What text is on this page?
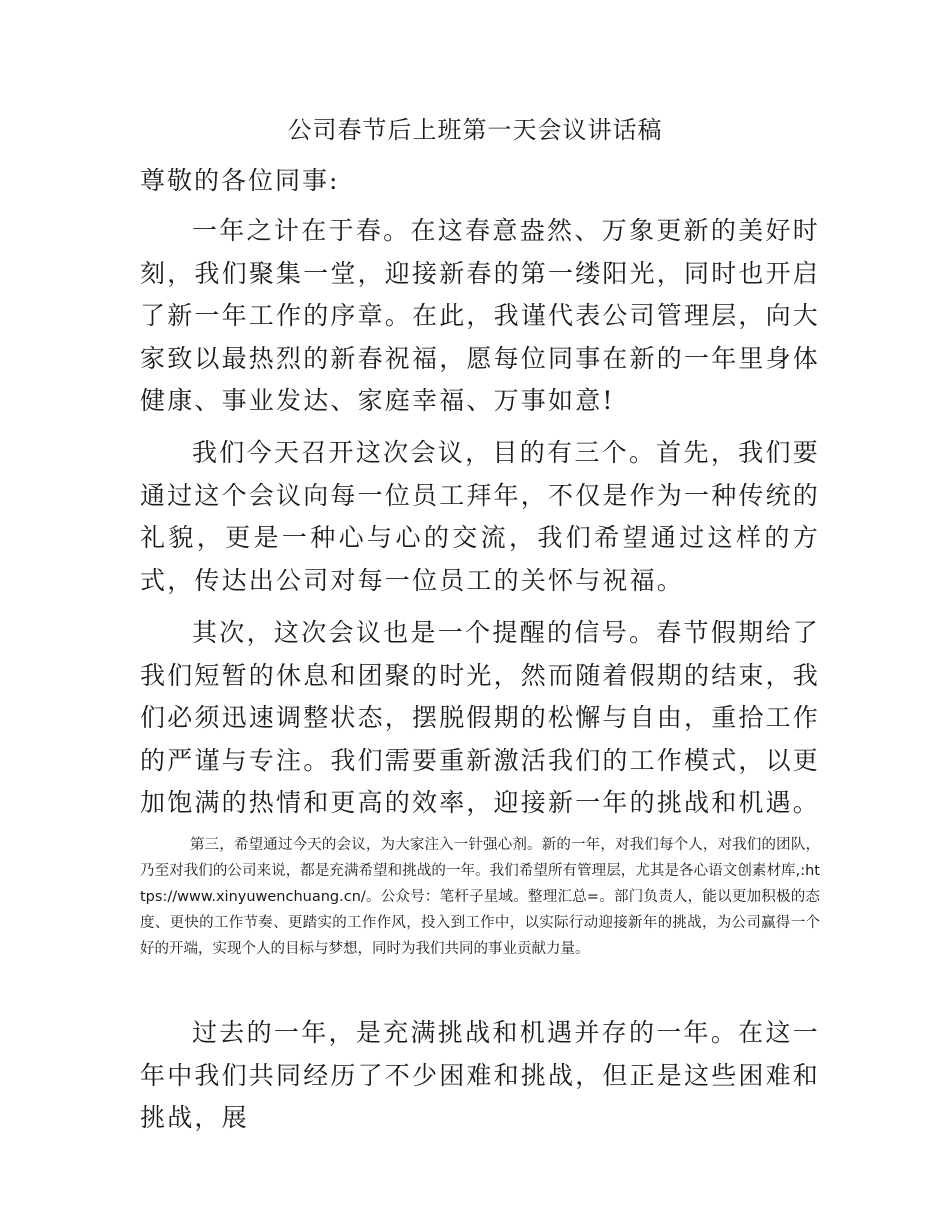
公司春节后上班第一天会议讲话稿

尊敬的各位同事:

一年之计在于春。在这春意盎然、万象更新的美好时刻，我们聚集一堂，迎接新春的第一缕阳光，同时也开启了新一年工作的序章。在此，我谨代表公司管理层，向大家致以最热烈的新春祝福，愿每位同事在新的一年里身体健康、事业发达、家庭幸福、万事如意!

我们今天召开这次会议，目的有三个。首先，我们要通过这个会议向每一位员工拜年，不仅是作为一种传统的礼貌，更是一种心与心的交流，我们希望通过这样的方式，传达出公司对每一位员工的关怀与祝福。

其次，这次会议也是一个提醒的信号。春节假期给了我们短暂的休息和团聚的时光，然而随着假期的结束，我们必须迅速调整状态，摆脱假期的松懈与自由，重拾工作的严谨与专注。我们需要重新激活我们的工作模式，以更加饱满的热情和更高的效率，迎接新一年的挑战和机遇。

第三，希望通过今天的会议，为大家注入一针强心剂。新的一年，对我们每个人，对我们的团队，乃至对我们的公司来说，都是充满希望和挑战的一年。我们希望所有管理层，尤其是各心语文创素材库,:https://www.xinyuwenchuang.cn/。公众号：笔杆子星域。整理汇总=。部门负责人，能以更加积极的态度、更快的工作节奏、更踏实的工作作风，投入到工作中，以实际行动迎接新年的挑战，为公司赢得一个好的开端，实现个人的目标与梦想，同时为我们共同的事业贡献力量。

过去的一年，是充满挑战和机遇并存的一年。在这一年中我们共同经历了不少困难和挑战，但正是这些困难和挑战，展
